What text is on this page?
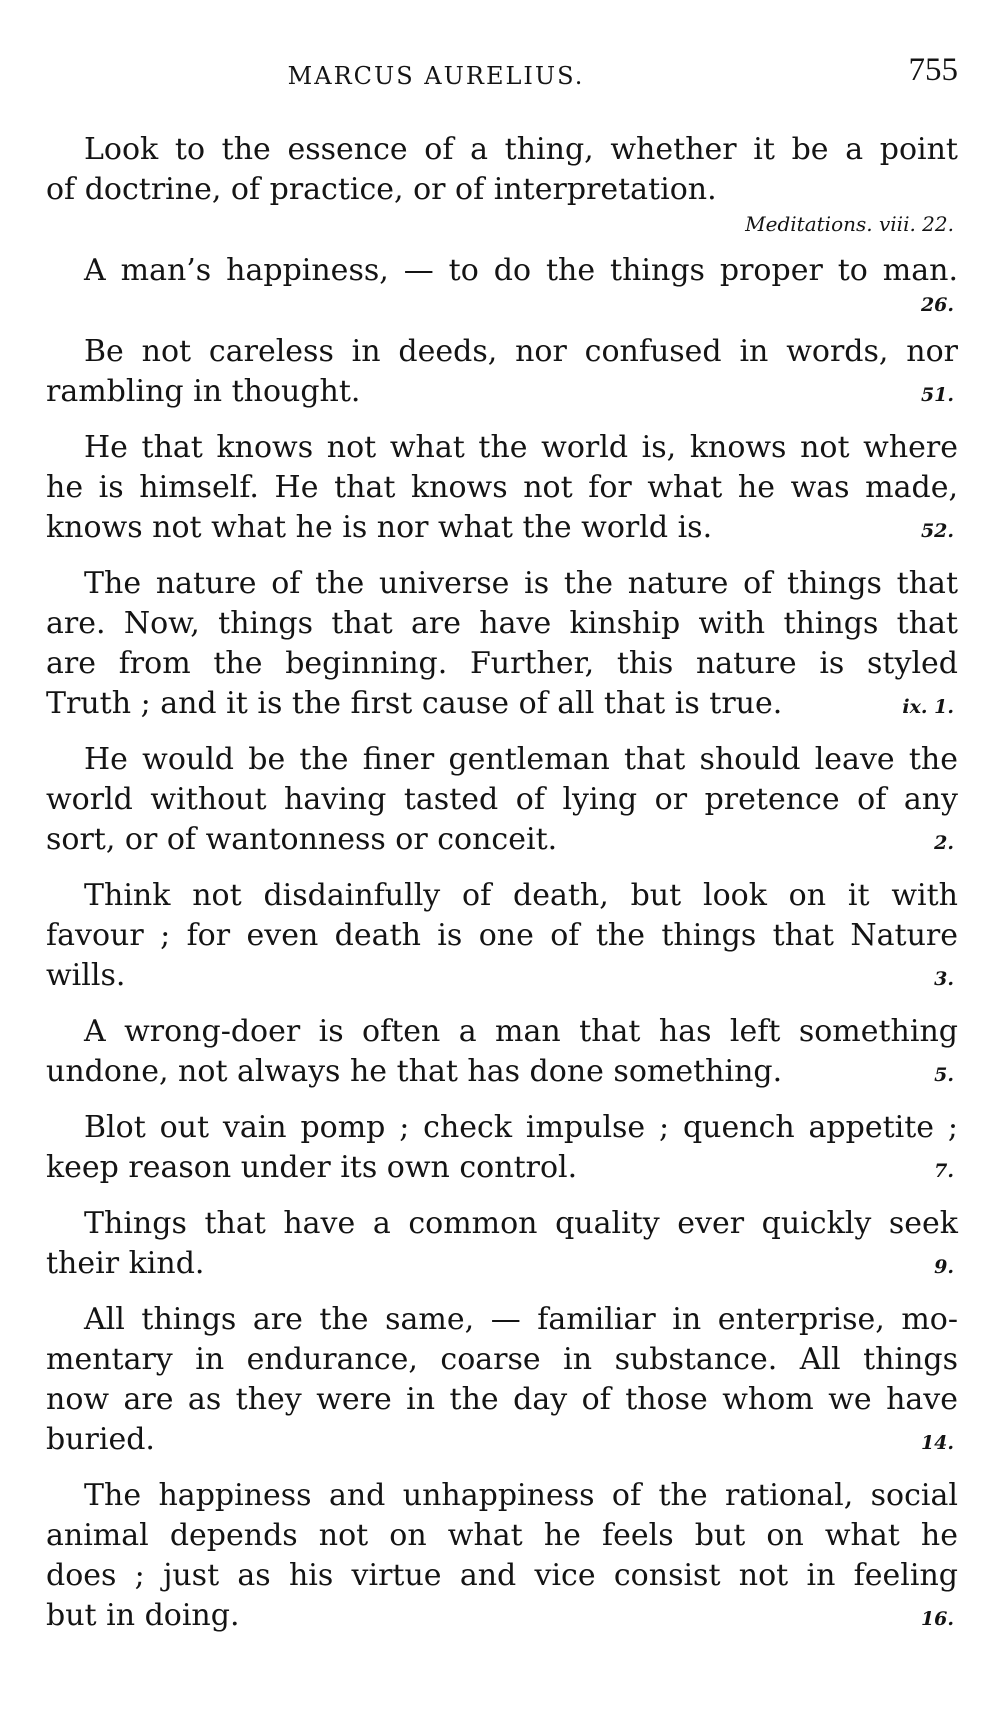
MARCUS AURELIUS.	755
Look to the essence of a thing, whether it be a point
of doctrine, of practice, or of interpretation.
Meditations. viii. 22.
A man’s happiness, — to do the things proper to man.
26.
Be not careless in deeds, nor confused in words, nor
rambling in thought.	51.
He that knows not what the world is, knows not where
he is himself. He that knows not for what he was made,
knows not what he is nor what the world is.	52.
The nature of the universe is the nature of things that
are. Now, things that are have kinship with things that
are from the beginning. Further, this nature is styled
Truth ; and it is the first cause of all that is true.	ix. 1.
He would be the finer gentleman that should leave the
world without having tasted of lying or pretence of any
sort, or of wantonness or conceit.	2.
Think not disdainfully of death, but look on it with
favour ; for even death is one of the things that Nature
wills.	3.
A wrong-doer is often a man that has left something
undone, not always he that has done something.	5.
Blot out vain pomp ; check impulse ; quench appetite ;
keep reason under its own control.	7.
Things that have a common quality ever quickly seek
their kind.	9.
All things are the same, — familiar in enterprise, mo-
mentary in endurance, coarse in substance. All things
now are as they were in the day of those whom we have
buried.	14.
The happiness and unhappiness of the rational, social
animal depends not on what he feels but on what he
does ; just as his virtue and vice consist not in feeling
but in doing.	16.
